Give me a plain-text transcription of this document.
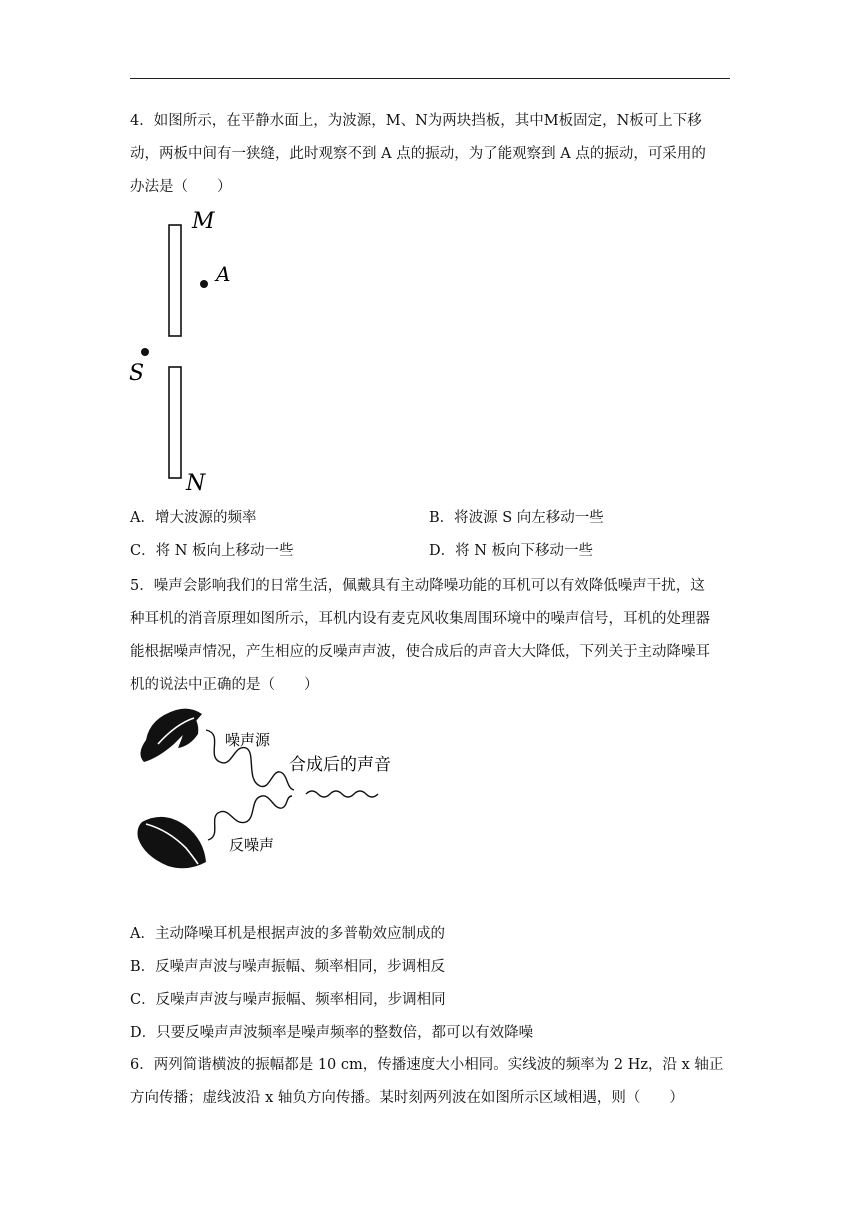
4．如图所示，在平静水面上，为波源，M、N为两块挡板，其中M板固定，N板可上下移
动，两板中间有一狭缝，此时观察不到 A 点的振动，为了能观察到 A 点的振动，可采用的
办法是（　　）
M
A
S
N
A．增大波源的频率	B．将波源 S 向左移动一些
C．将 N 板向上移动一些	D．将 N 板向下移动一些
5．噪声会影响我们的日常生活，佩戴具有主动降噪功能的耳机可以有效降低噪声干扰，这
种耳机的消音原理如图所示，耳机内设有麦克风收集周围环境中的噪声信号，耳机的处理器
能根据噪声情况，产生相应的反噪声声波，使合成后的声音大大降低，下列关于主动降噪耳
机的说法中正确的是（　　）
噪声源
合成后的声音
反噪声
A．主动降噪耳机是根据声波的多普勒效应制成的
B．反噪声声波与噪声振幅、频率相同，步调相反
C．反噪声声波与噪声振幅、频率相同，步调相同
D．只要反噪声声波频率是噪声频率的整数倍，都可以有效降噪
6．两列简谐横波的振幅都是 10 cm，传播速度大小相同。实线波的频率为 2 Hz，沿 x 轴正
方向传播；虚线波沿 x 轴负方向传播。某时刻两列波在如图所示区域相遇，则（　　）
